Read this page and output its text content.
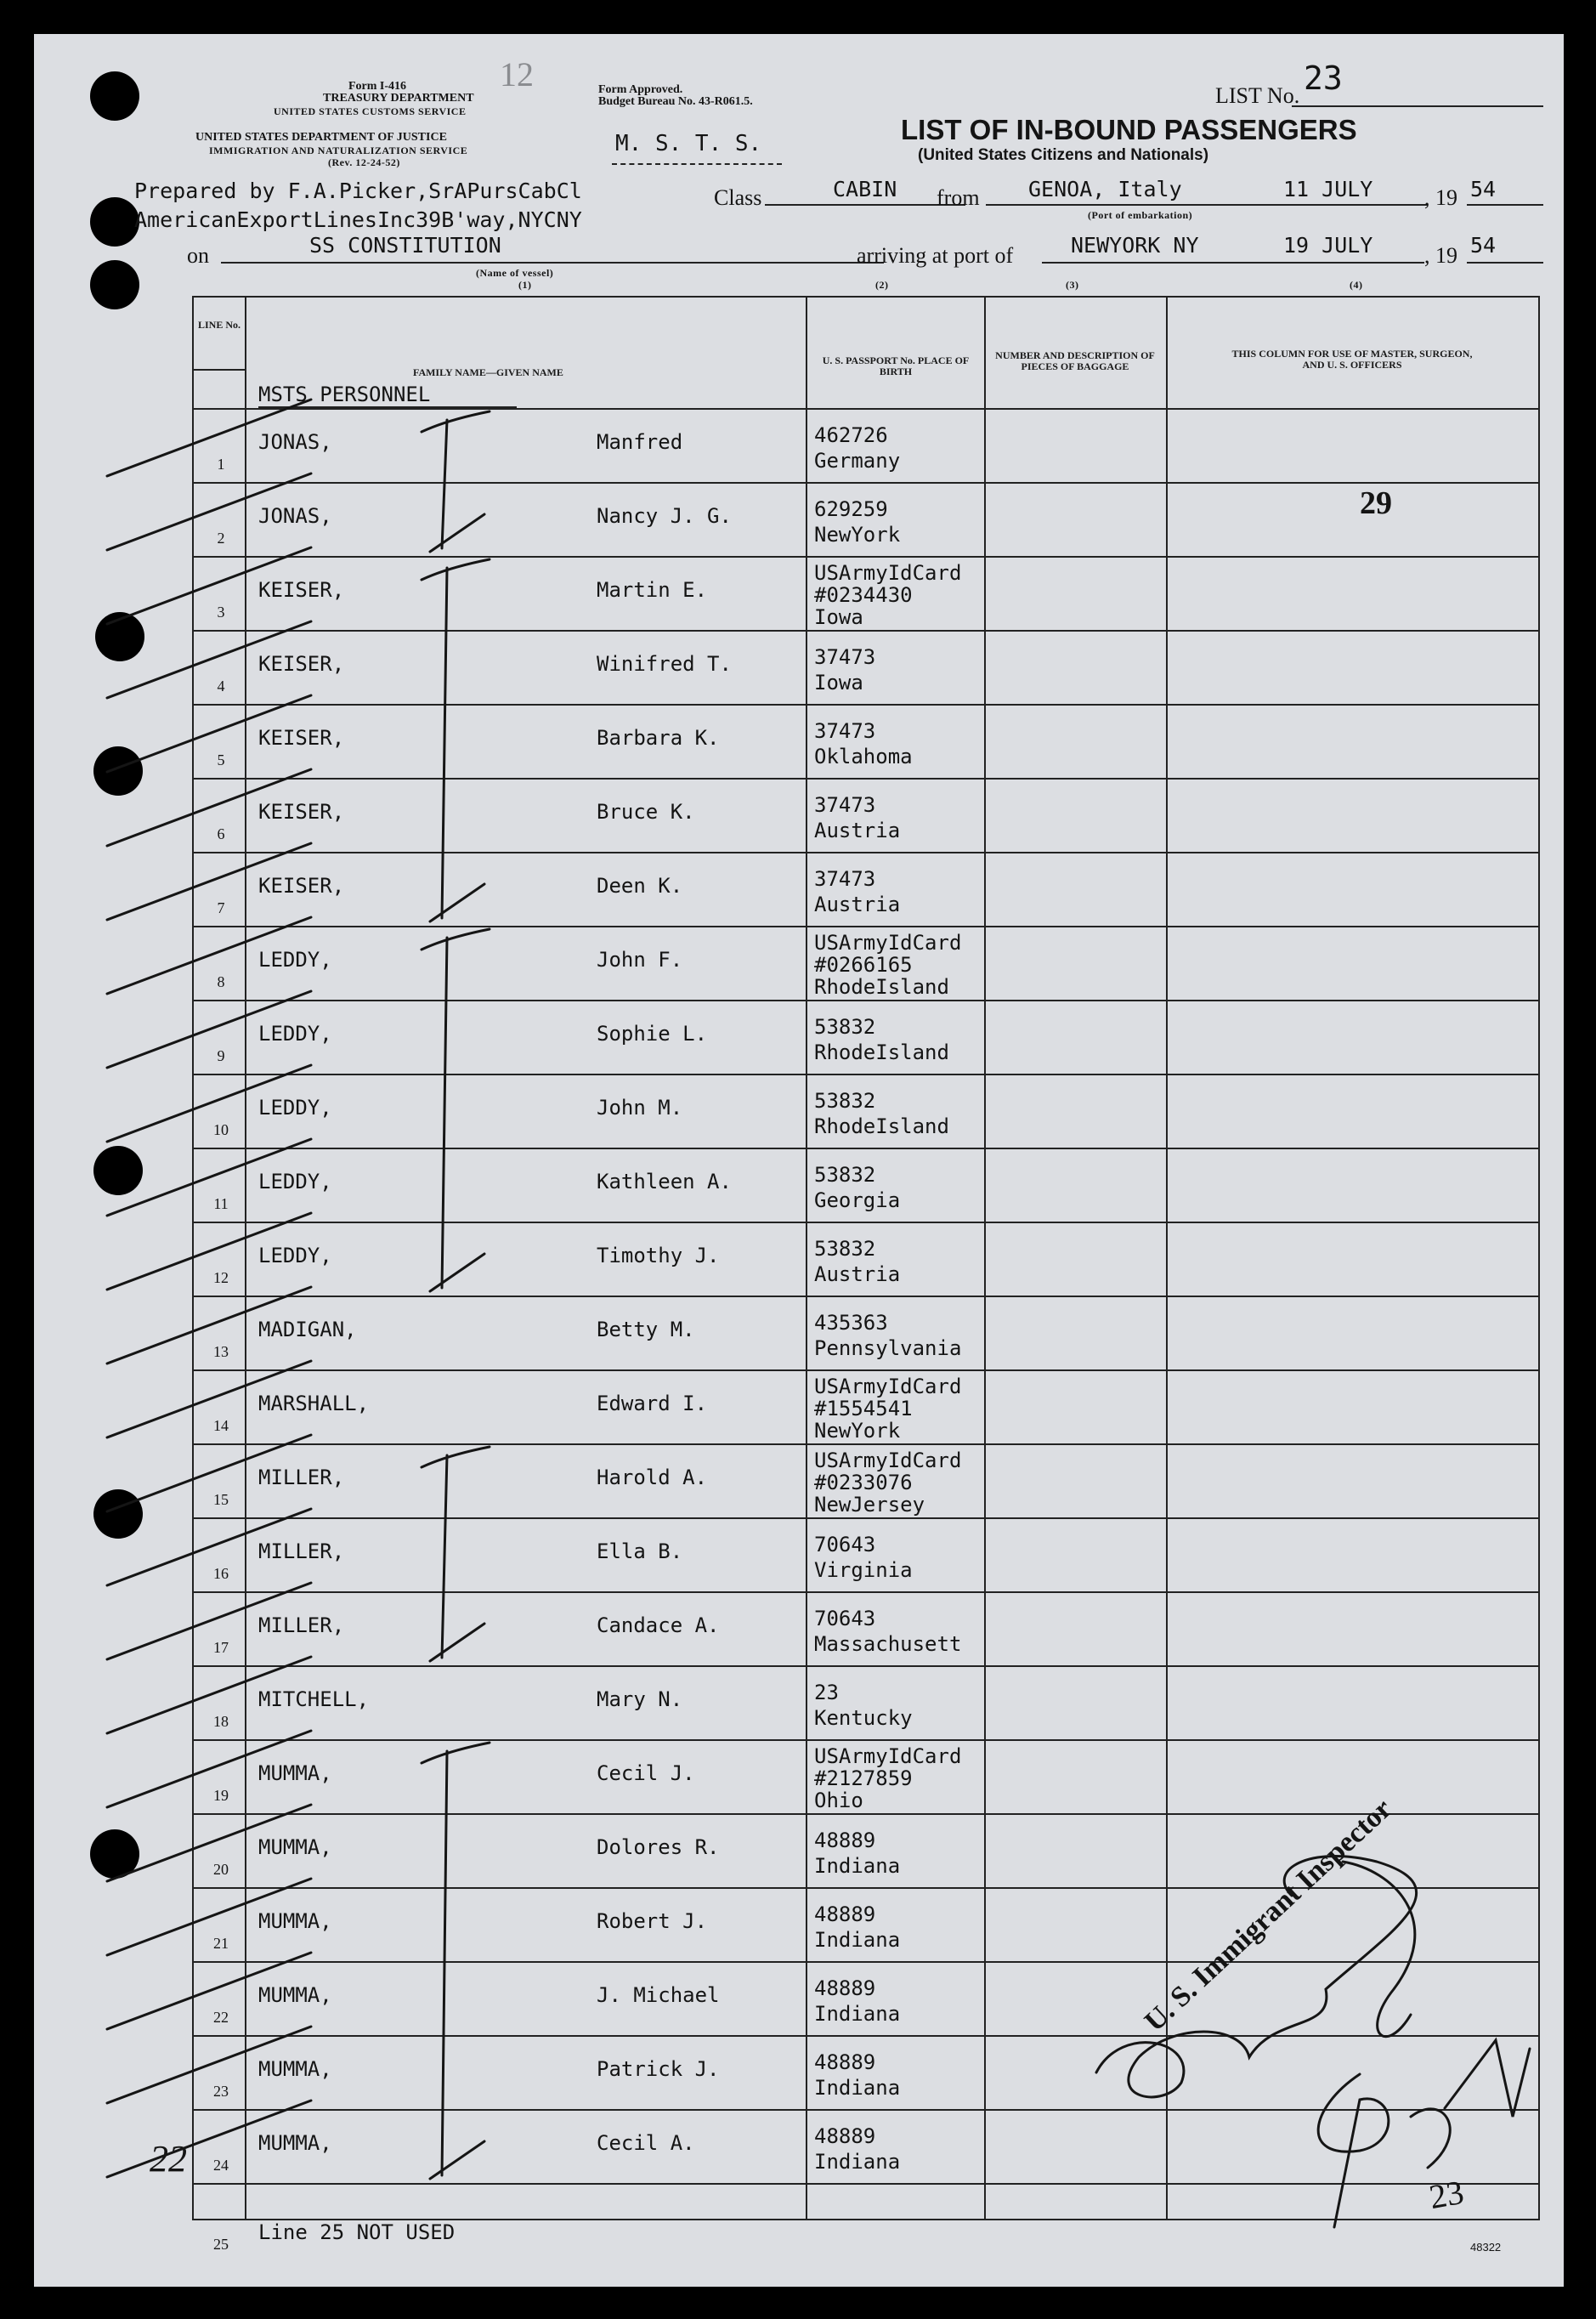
Form I-416
TREASURY DEPARTMENT
UNITED STATES CUSTOMS SERVICE
UNITED STATES DEPARTMENT OF JUSTICE
IMMIGRATION AND NATURALIZATION SERVICE
(Rev. 12-24-52)
Form Approved.
Budget Bureau No. 43-R061.5.
12
M. S. T. S.
LIST No. 23
LIST OF IN-BOUND PASSENGERS
(United States Citizens and Nationals)
Prepared by F.A.Picker,SrAPursCabCl
AmericanExportLinesInc39B'way,NYCNY
Class	CABIN from GENOA, Italy	11 JULY , 19 54
(Port of embarkation)
on	SS CONSTITUTION
(Name of vessel)
arriving at port of	NEWYORK NY	19 JULY , 19 54
(1)	(2)	(3)	(4)
LINE No.
FAMILY NAME—GIVEN NAME
U. S. PASSPORT No. PLACE OF BIRTH
NUMBER AND DESCRIPTION OF PIECES OF BAGGAGE
THIS COLUMN FOR USE OF MASTER, SURGEON, AND U. S. OFFICERS
MSTS PERSONNEL
1
JONAS,	Manfred	462726
Germany
2
JONAS,	Nancy J. G.	629259
NewYork
3
KEISER,	Martin E.
USArmyIdCard
#0234430
Iowa
4
KEISER,	Winifred T.	37473
Iowa
5
KEISER,	Barbara K.	37473
Oklahoma
6
KEISER,	Bruce K.	37473
Austria
7
KEISER,	Deen K.	37473
Austria
8
LEDDY,	John F.
USArmyIdCard
#0266165
RhodeIsland
9
LEDDY,	Sophie L.	53832
RhodeIsland
10
LEDDY,	John M.	53832
RhodeIsland
11
LEDDY,	Kathleen A.	53832
Georgia
12
LEDDY,	Timothy J.	53832
Austria
13
MADIGAN,	Betty M.	435363
Pennsylvania
14
MARSHALL,	Edward I.
USArmyIdCard
#1554541
NewYork
15
MILLER,	Harold A.
USArmyIdCard
#0233076
NewJersey
16
MILLER,	Ella B.	70643
Virginia
17
MILLER,	Candace A.	70643
Massachusett
18
MITCHELL,	Mary N.	23
Kentucky
19
MUMMA,	Cecil J.
USArmyIdCard
#2127859
Ohio
20
MUMMA,	Dolores R.	48889
Indiana
21
MUMMA,	Robert J.	48889
Indiana
22
MUMMA,	J. Michael	48889
Indiana
23
MUMMA,	Patrick J.	48889
Indiana
24
MUMMA,	Cecil A.	48889
Indiana
25	Line 25 NOT USED
29
U. S. Immigrant Inspector
22
23
48322
